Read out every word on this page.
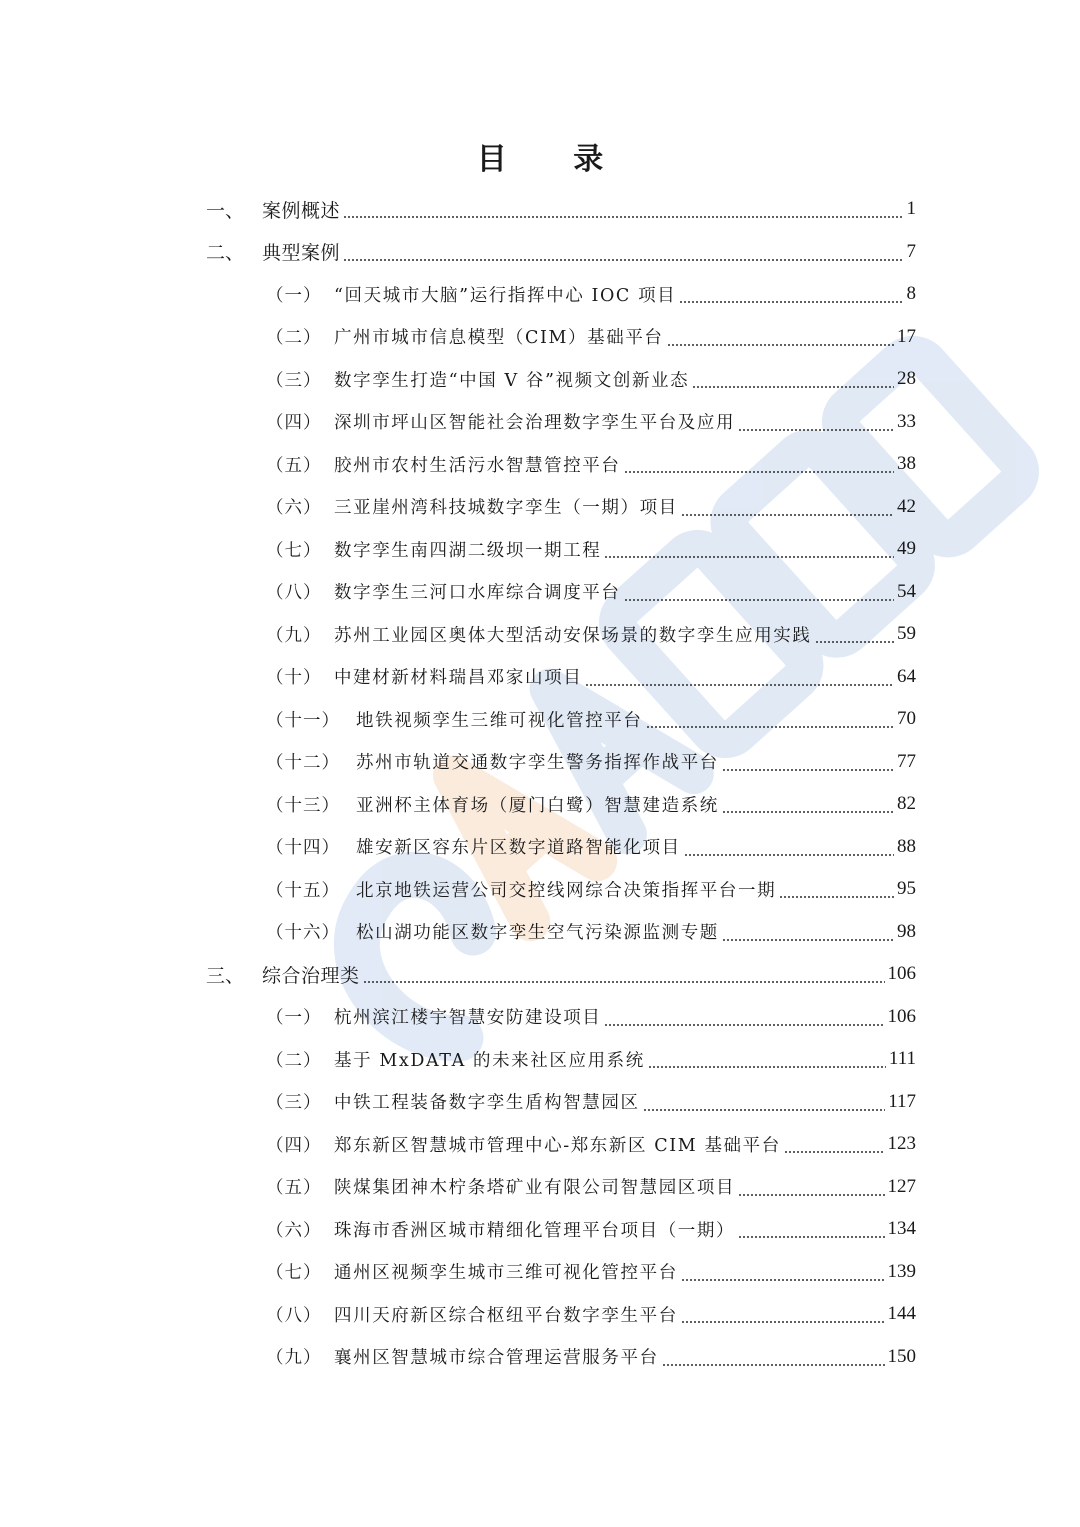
目 录
一、 案例概述	1
二、 典型案例	7
（一） “回天城市大脑”运行指挥中心 IOC 项目	8
（二） 广州市城市信息模型（CIM）基础平台	17
（三） 数字孪生打造“中国 V 谷”视频文创新业态	28
（四） 深圳市坪山区智能社会治理数字孪生平台及应用	33
（五） 胶州市农村生活污水智慧管控平台	38
（六） 三亚崖州湾科技城数字孪生（一期）项目	42
（七） 数字孪生南四湖二级坝一期工程	49
（八） 数字孪生三河口水库综合调度平台	54
（九） 苏州工业园区奥体大型活动安保场景的数字孪生应用实践	59
（十） 中建材新材料瑞昌邓家山项目	64
（十一） 地铁视频孪生三维可视化管控平台	70
（十二） 苏州市轨道交通数字孪生警务指挥作战平台	77
（十三） 亚洲杯主体育场（厦门白鹭）智慧建造系统	82
（十四） 雄安新区容东片区数字道路智能化项目	88
（十五） 北京地铁运营公司交控线网综合决策指挥平台一期	95
（十六） 松山湖功能区数字孪生空气污染源监测专题	98
三、 综合治理类	106
（一） 杭州滨江楼宇智慧安防建设项目	106
（二） 基于 MxDATA 的未来社区应用系统	111
（三） 中铁工程装备数字孪生盾构智慧园区	117
（四） 郑东新区智慧城市管理中心-郑东新区 CIM 基础平台	123
（五） 陕煤集团神木柠条塔矿业有限公司智慧园区项目	127
（六） 珠海市香洲区城市精细化管理平台项目（一期）	134
（七） 通州区视频孪生城市三维可视化管控平台	139
（八） 四川天府新区综合枢纽平台数字孪生平台	144
（九） 襄州区智慧城市综合管理运营服务平台	150
